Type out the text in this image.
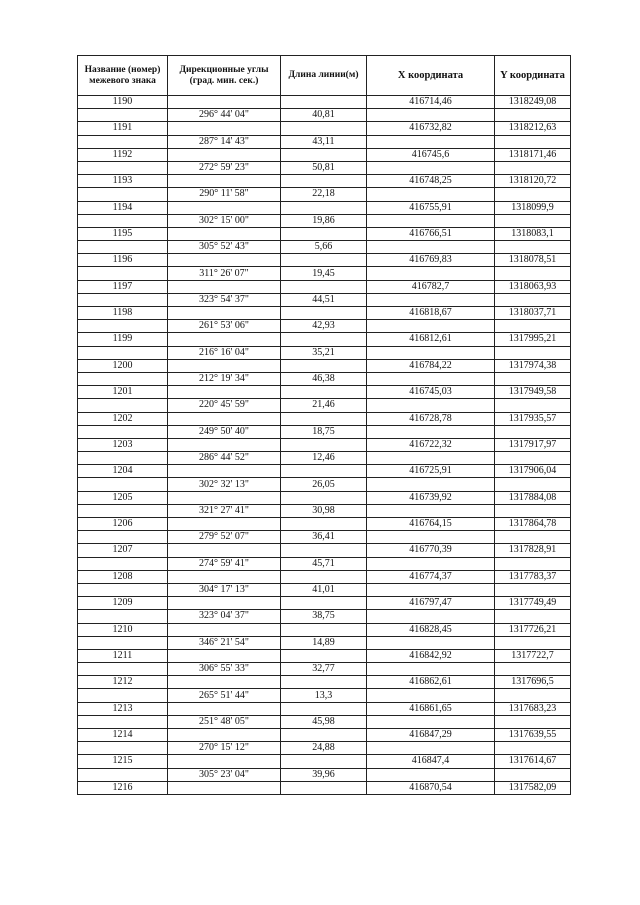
Название (номер) межевого знака	Дирекционные углы (град. мин. сек.)	Длина линии(м)	X координата	Y координата
1190			416714,46	1318249,08
	296° 44' 04"	40,81		
1191			416732,82	1318212,63
	287° 14' 43"	43,11		
1192			416745,6	1318171,46
	272° 59' 23"	50,81		
1193			416748,25	1318120,72
	290° 11' 58"	22,18		
1194			416755,91	1318099,9
	302° 15' 00"	19,86		
1195			416766,51	1318083,1
	305° 52' 43"	5,66		
1196			416769,83	1318078,51
	311° 26' 07"	19,45		
1197			416782,7	1318063,93
	323° 54' 37"	44,51		
1198			416818,67	1318037,71
	261° 53' 06"	42,93		
1199			416812,61	1317995,21
	216° 16' 04"	35,21		
1200			416784,22	1317974,38
	212° 19' 34"	46,38		
1201			416745,03	1317949,58
	220° 45' 59"	21,46		
1202			416728,78	1317935,57
	249° 50' 40"	18,75		
1203			416722,32	1317917,97
	286° 44' 52"	12,46		
1204			416725,91	1317906,04
	302° 32' 13"	26,05		
1205			416739,92	1317884,08
	321° 27' 41"	30,98		
1206			416764,15	1317864,78
	279° 52' 07"	36,41		
1207			416770,39	1317828,91
	274° 59' 41"	45,71		
1208			416774,37	1317783,37
	304° 17' 13"	41,01		
1209			416797,47	1317749,49
	323° 04' 37"	38,75		
1210			416828,45	1317726,21
	346° 21' 54"	14,89		
1211			416842,92	1317722,7
	306° 55' 33"	32,77		
1212			416862,61	1317696,5
	265° 51' 44"	13,3		
1213			416861,65	1317683,23
	251° 48' 05"	45,98		
1214			416847,29	1317639,55
	270° 15' 12"	24,88		
1215			416847,4	1317614,67
	305° 23' 04"	39,96		
1216			416870,54	1317582,09
